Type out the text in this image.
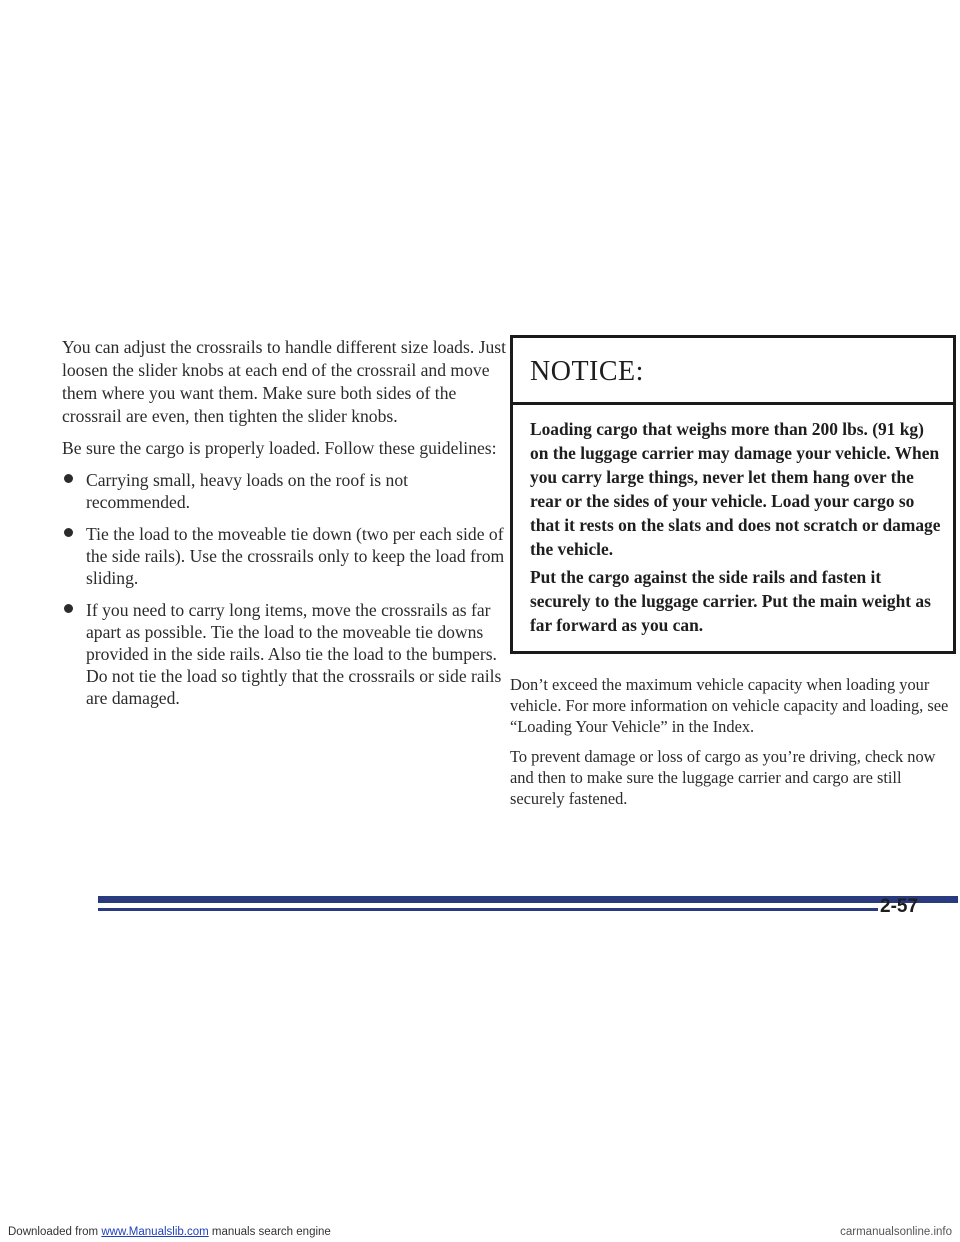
You can adjust the crossrails to handle different size loads. Just loosen the slider knobs at each end of the crossrail and move them where you want them. Make sure both sides of the crossrail are even, then tighten the slider knobs.

Be sure the cargo is properly loaded. Follow these guidelines:

Carrying small, heavy loads on the roof is not recommended.
Tie the load to the moveable tie down (two per each side of the side rails). Use the crossrails only to keep the load from sliding.
If you need to carry long items, move the crossrails as far apart as possible. Tie the load to the moveable tie downs provided in the side rails. Also tie the load to the bumpers. Do not tie the load so tightly that the crossrails or side rails are damaged.
NOTICE:

Loading cargo that weighs more than 200 lbs. (91 kg) on the luggage carrier may damage your vehicle. When you carry large things, never let them hang over the rear or the sides of your vehicle. Load your cargo so that it rests on the slats and does not scratch or damage the vehicle.

Put the cargo against the side rails and fasten it securely to the luggage carrier. Put the main weight as far forward as you can.

Don’t exceed the maximum vehicle capacity when loading your vehicle. For more information on vehicle capacity and loading, see “Loading Your Vehicle” in the Index.

To prevent damage or loss of cargo as you’re driving, check now and then to make sure the luggage carrier and cargo are still securely fastened.

2-57
Downloaded from www.Manualslib.com manuals search engine	carmanualsonline.info
